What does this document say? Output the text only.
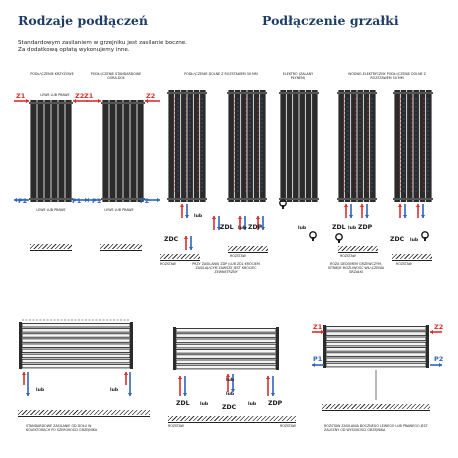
Rodzaje podłączeń	Podłączenie grzałki
Standardowym zasilaniem w grzejniku jest zasilanie boczne.
Za dodatkową opłatą wykonujemy inne.
PODŁĄCZENIE KRZYŻOWE	PODŁĄCZENIE STANDARDOWE GÓRA-DÓŁ
PODŁĄCZENIE DOLNE Z ROZSTAWEM 50 MM	ELEKTRO (ZALANY PŁYNEM)
WODNO-ELEKTRYCZNY PODŁĄCZENIE DOLNE Z ROZSTAWEM 50 MM
LEWE LUB PRAWE
Z1	Z2
P2	P1
LEWE LUB PRAWE
Z1	Z2
P1	P2
LEWE LUB PRAWE
ZDC
lub
ZDL lub ZDP	lub	ZDL lub ZDP
ZDC lub
ROZSTAW
ROZSTAW	ROZSTAW
ROZSTAW
PRZY ZASILANIU ZDP (LUB ZDL KROCIEM ZASILAJĄCYM ZAWSZE JEST KRÓCIEC ZEWNĘTRZNY
RÓŻA DEDOMEM GRZEWCZYM, ISTNIEJE MOŻLIWOŚĆ WŁĄCZENIA GRZAŁKI
lub	lub
lub
lub
ZDL lub ZDC	lub ZDP
Z1	Z2
P1	P2
ROZSTAW	ROZSTAW
STANDARDOWE ZASILANIE OD DOŁU W KOLEKTORACH PO SZEROKOŚCI GRZEJNIKA
ROZSTAW ZASILANIA BOCZNEGO LEWEGO LUB PRAWEGO JEST ZALEŻNY OD WYSOKOŚCI GRZEJNIKA
